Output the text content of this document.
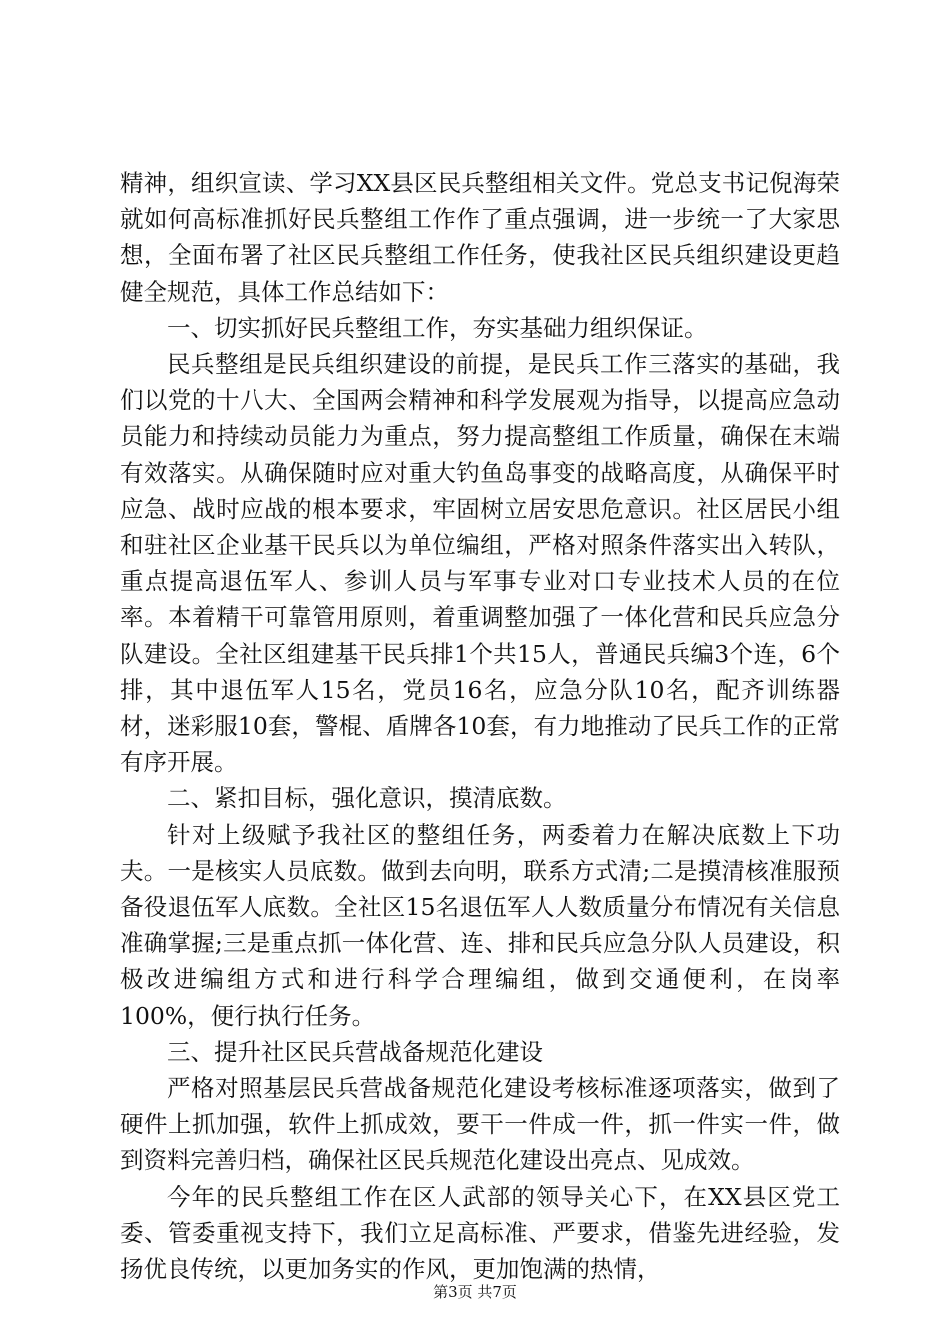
精神，组织宣读、学习XX县区民兵整组相关文件。党总支书记倪海荣就如何高标准抓好民兵整组工作作了重点强调，进一步统一了大家思想，全面布署了社区民兵整组工作任务，使我社区民兵组织建设更趋健全规范，具体工作总结如下：

一、切实抓好民兵整组工作，夯实基础力组织保证。

民兵整组是民兵组织建设的前提，是民兵工作三落实的基础，我们以党的十八大、全国两会精神和科学发展观为指导，以提高应急动员能力和持续动员能力为重点，努力提高整组工作质量，确保在末端有效落实。从确保随时应对重大钓鱼岛事变的战略高度，从确保平时应急、战时应战的根本要求，牢固树立居安思危意识。社区居民小组和驻社区企业基干民兵以为单位编组，严格对照条件落实出入转队，重点提高退伍军人、参训人员与军事专业对口专业技术人员的在位率。本着精干可靠管用原则，着重调整加强了一体化营和民兵应急分队建设。全社区组建基干民兵排1个共15人，普通民兵编3个连，6个排，其中退伍军人15名，党员16名，应急分队10名，配齐训练器材，迷彩服10套，警棍、盾牌各10套，有力地推动了民兵工作的正常有序开展。

二、紧扣目标，强化意识，摸清底数。

针对上级赋予我社区的整组任务，两委着力在解决底数上下功夫。一是核实人员底数。做到去向明，联系方式清;二是摸清核准服预备役退伍军人底数。全社区15名退伍军人人数质量分布情况有关信息准确掌握;三是重点抓一体化营、连、排和民兵应急分队人员建设，积极改进编组方式和进行科学合理编组，做到交通便利，在岗率100%，便行执行任务。

三、提升社区民兵营战备规范化建设

严格对照基层民兵营战备规范化建设考核标准逐项落实，做到了硬件上抓加强，软件上抓成效，要干一件成一件，抓一件实一件，做到资料完善归档，确保社区民兵规范化建设出亮点、见成效。

今年的民兵整组工作在区人武部的领导关心下，在XX县区党工委、管委重视支持下，我们立足高标准、严要求，借鉴先进经验，发扬优良传统，以更加务实的作风，更加饱满的热情，

第3页 共7页
